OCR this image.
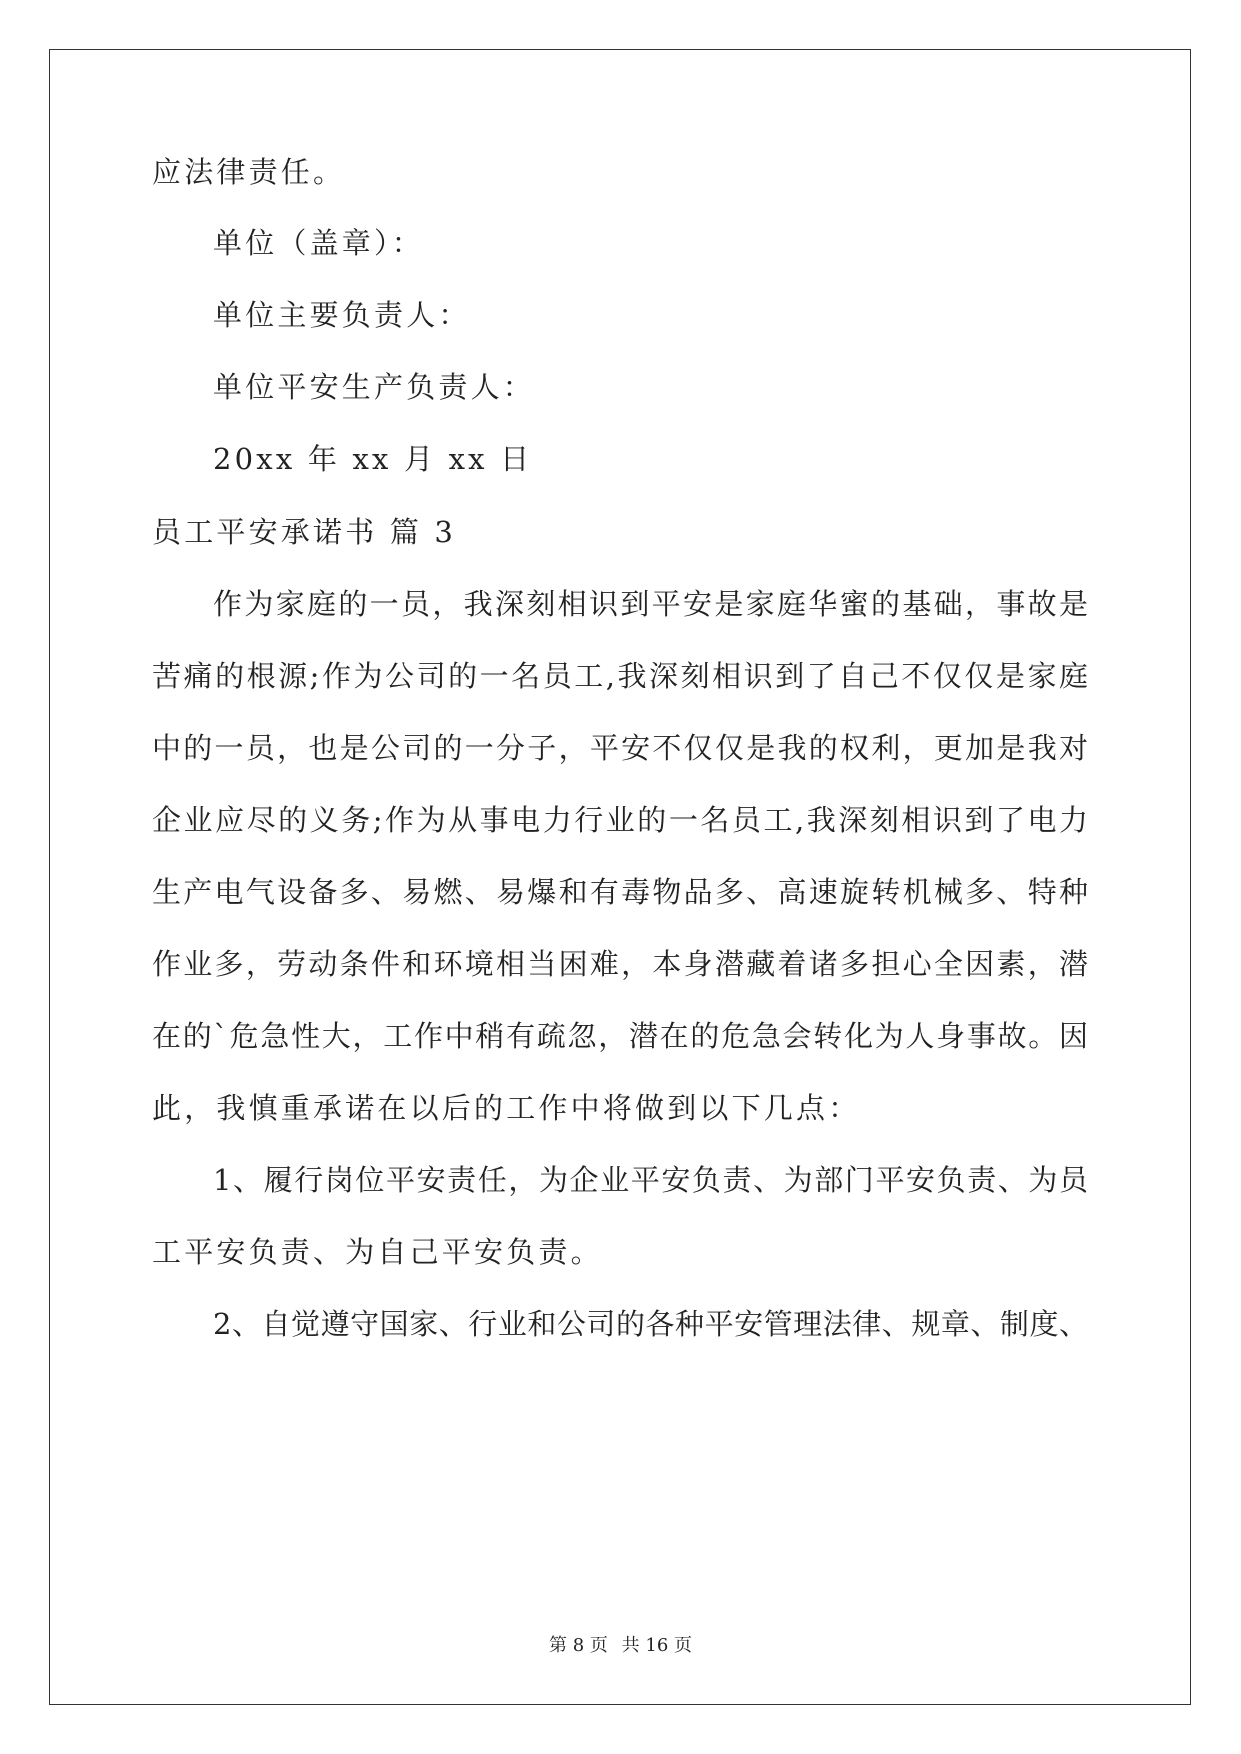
应法律责任。
单位（盖章）：
单位主要负责人：
单位平安生产负责人：
20xx 年 xx 月 xx 日
员工平安承诺书 篇 3
作为家庭的一员，我深刻相识到平安是家庭华蜜的基础，事故是
苦痛的根源;作为公司的一名员工,我深刻相识到了自己不仅仅是家庭
中的一员，也是公司的一分子，平安不仅仅是我的权利，更加是我对
企业应尽的义务;作为从事电力行业的一名员工,我深刻相识到了电力
生产电气设备多、易燃、易爆和有毒物品多、高速旋转机械多、特种
作业多，劳动条件和环境相当困难，本身潜藏着诸多担心全因素，潜
在的`危急性大，工作中稍有疏忽，潜在的危急会转化为人身事故。因
此，我慎重承诺在以后的工作中将做到以下几点：
1、履行岗位平安责任，为企业平安负责、为部门平安负责、为员
工平安负责、为自己平安负责。
2、自觉遵守国家、行业和公司的各种平安管理法律、规章、制度、
第 8 页 共 16 页
